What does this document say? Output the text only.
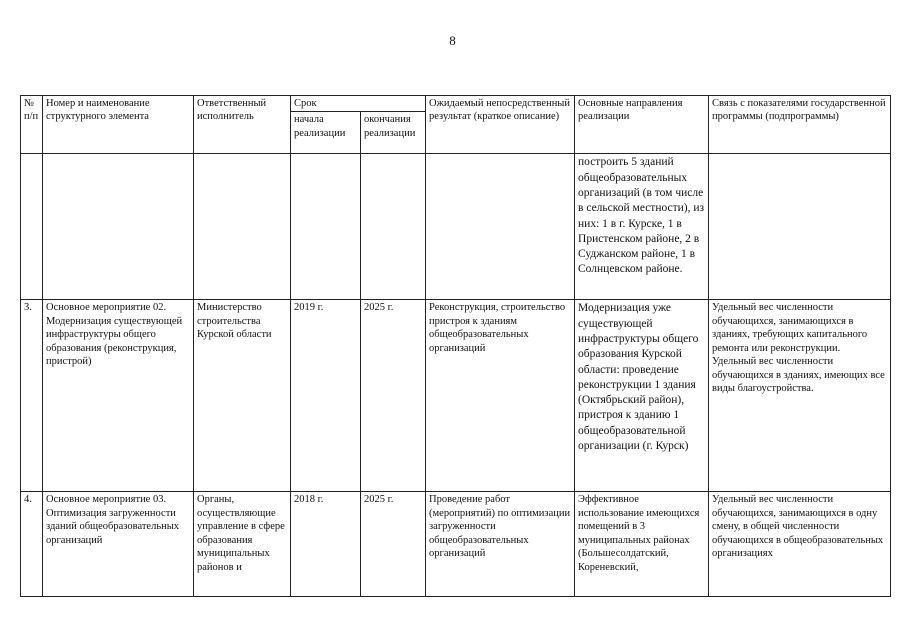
8
№ п/п	Номер и наименование структурного элемента	Ответственный исполнитель	Срок		Ожидаемый непосредственный результат (краткое описание)	Основные направления реализации	Связь с показателями государственной программы (подпрограммы)
			начала реализации	окончания реализации			
						построить 5 зданий общеобразовательных организаций (в том числе в сельской местности), из них: 1 в г. Курске, 1 в Пристенском районе, 2 в Суджанском районе, 1 в Солнцевском районе.	
3.	Основное мероприятие 02. Модернизация существующей инфраструктуры общего образования (реконструкция, пристрой)	Министерство строительства Курской области	2019 г.	2025 г.	Реконструкция, строительство пристроя к зданиям общеобразовательных организаций	Модернизация уже существующей инфраструктуры общего образования Курской области: проведение реконструкции 1 здания (Октябрьский район), пристроя к зданию 1 общеобразовательной организации (г. Курск)	Удельный вес численности обучающихся, занимающихся в зданиях, требующих капитального ремонта или реконструкции. Удельный вес численности обучающихся в зданиях, имеющих все виды благоустройства.
4.	Основное мероприятие 03. Оптимизация загруженности зданий общеобразовательных организаций	Органы, осуществляющие управление в сфере образования муниципальных районов и	2018 г.	2025 г.	Проведение работ (мероприятий) по оптимизации загруженности общеобразовательных организаций	Эффективное использование имеющихся помещений в 3 муниципальных районах (Большесолдатский, Кореневский,	Удельный вес численности обучающихся, занимающихся в одну смену, в общей численности обучающихся в общеобразовательных организациях
